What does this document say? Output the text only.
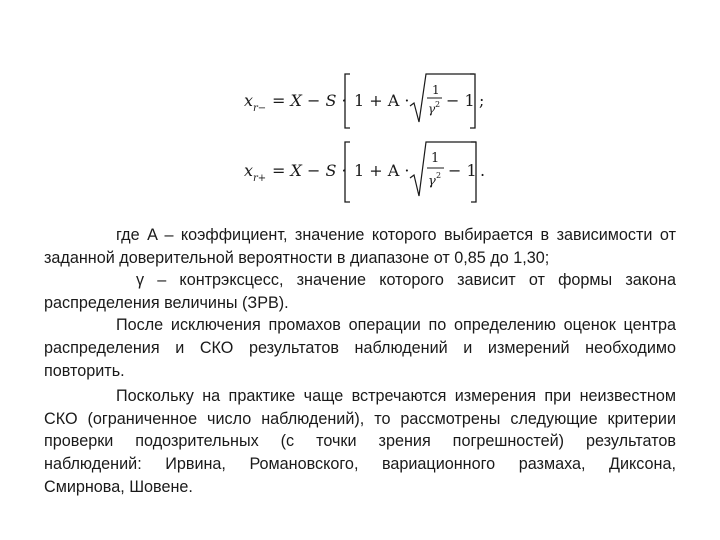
x r− = X − S · 1 + A ·
1
γ 2 − 1 ;
x r+ = X − S · 1 + A ·
1
γ 2 − 1 .

где A – коэффициент, значение которого выбирается в зависимости от
заданной доверительной вероятности в диапазоне от 0,85 до 1,30;

γ – контрэксцесс, значение которого зависит от формы закона
распределения величины (ЗРВ).

После исключения промахов операции по определению оценок центра
распределения и СКО результатов наблюдений и измерений необходимо
повторить.

Поскольку на практике чаще встречаются измерения при неизвестном
СКО (ограниченное число наблюдений), то рассмотрены следующие критерии
проверки подозрительных (с точки зрения погрешностей) результатов
наблюдений: Ирвина, Романовского, вариационного размаха, Диксона,
Смирнова, Шовене.
